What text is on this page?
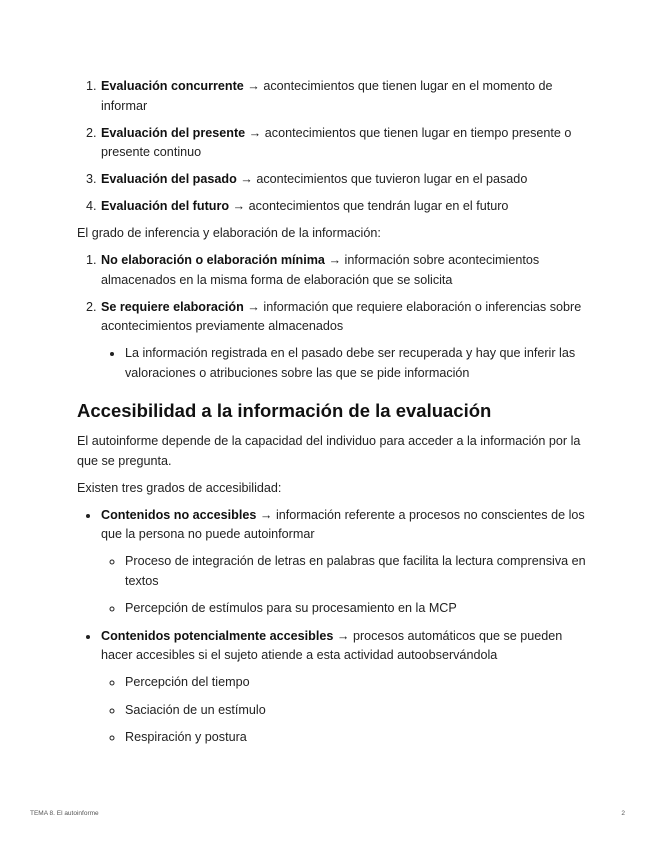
1. Evaluación concurrente → acontecimientos que tienen lugar en el momento de informar
2. Evaluación del presente → acontecimientos que tienen lugar en tiempo presente o presente continuo
3. Evaluación del pasado → acontecimientos que tuvieron lugar en el pasado
4. Evaluación del futuro → acontecimientos que tendrán lugar en el futuro

El grado de inferencia y elaboración de la información:

1. No elaboración o elaboración mínima → información sobre acontecimientos almacenados en la misma forma de elaboración que se solicita
2. Se requiere elaboración → información que requiere elaboración o inferencias sobre acontecimientos previamente almacenados
• La información registrada en el pasado debe ser recuperada y hay que inferir las valoraciones o atribuciones sobre las que se pide información
Accesibilidad a la información de la evaluación

El autoinforme depende de la capacidad del individuo para acceder a la información por la que se pregunta.

Existen tres grados de accesibilidad:

• Contenidos no accesibles → información referente a procesos no conscientes de los que la persona no puede autoinformar
◦ Proceso de integración de letras en palabras que facilita la lectura comprensiva en textos
◦ Percepción de estímulos para su procesamiento en la MCP
• Contenidos potencialmente accesibles → procesos automáticos que se pueden hacer accesibles si el sujeto atiende a esta actividad autoobservándola
◦ Percepción del tiempo
◦ Saciación de un estímulo
◦ Respiración y postura
TEMA 8. El autoinforme	2
